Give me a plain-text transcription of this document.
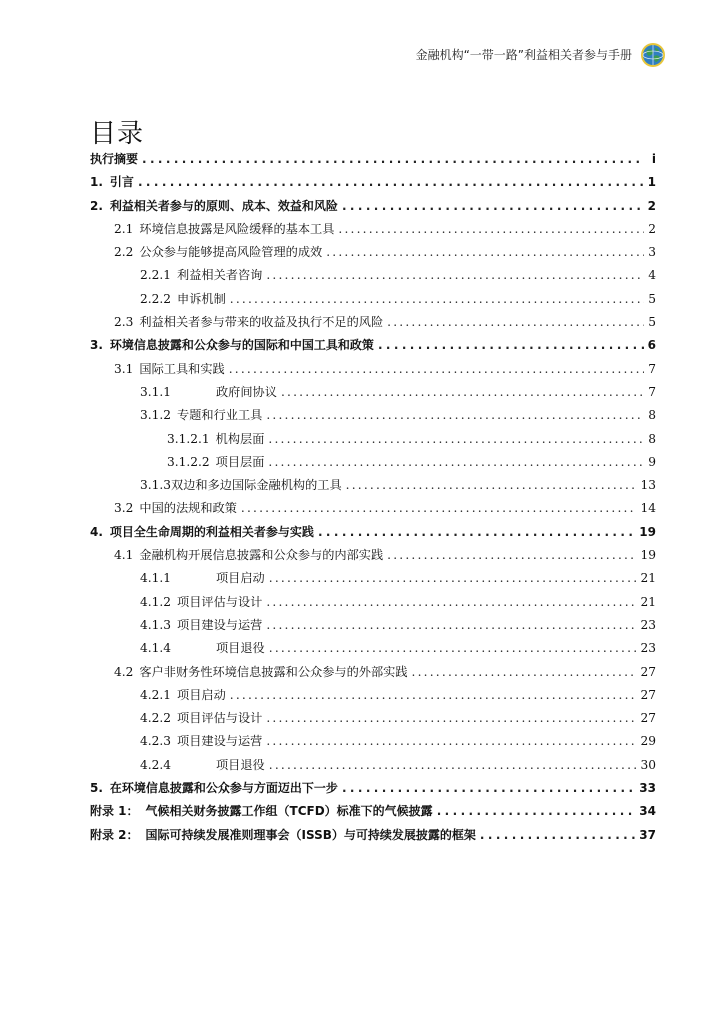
金融机构“一带一路”利益相关者参与手册
目录
执行摘要 .....	i
1. 引言 .....	1
2. 利益相关者参与的原则、成本、效益和风险 .....	2
2.1 环境信息披露是风险缓释的基本工具 .....	2
2.2 公众参与能够提高风险管理的成效 .....	3
2.2.1 利益相关者咨询 .....	4
2.2.2 申诉机制 .....	5
2.3 利益相关者参与带来的收益及执行不足的风险 .....	5
3. 环境信息披露和公众参与的国际和中国工具和政策 .....	6
3.1 国际工具和实践 .....	7
3.1.1	政府间协议 .....	7
3.1.2 专题和行业工具 .....	8
3.1.2.1 机构层面 .....	8
3.1.2.2 项目层面 .....	9
3.1.3双边和多边国际金融机构的工具 .....	13
3.2 中国的法规和政策 .....	14
4. 项目全生命周期的利益相关者参与实践 .....	19
4.1 金融机构开展信息披露和公众参与的内部实践 .....	19
4.1.1	项目启动 .....	21
4.1.2 项目评估与设计 .....	21
4.1.3 项目建设与运营 .....	23
4.1.4	项目退役 .....	23
4.2 客户非财务性环境信息披露和公众参与的外部实践 .....	27
4.2.1 项目启动 .....	27
4.2.2 项目评估与设计 .....	27
4.2.3 项目建设与运营 .....	29
4.2.4	项目退役 .....	30
5. 在环境信息披露和公众参与方面迈出下一步 .....	33
附录 1： 气候相关财务披露工作组（TCFD）标准下的气候披露 .....	34
附录 2： 国际可持续发展准则理事会（ISSB）与可持续发展披露的框架 .....	37
